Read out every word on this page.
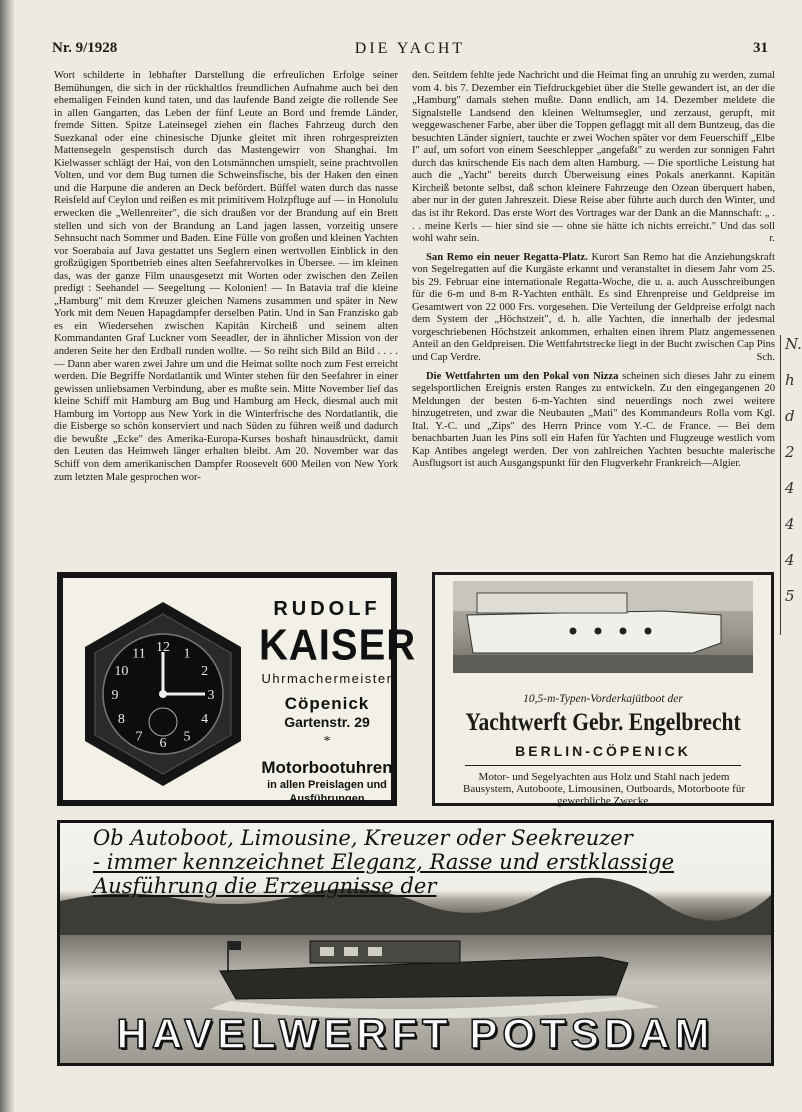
Nr. 9/1928	DIE YACHT	31

Wort schilderte in lebhafter Darstellung die erfreulichen Erfolge seiner Bemühungen, die sich in der rückhaltlos freundlichen Aufnahme auch bei den ehemaligen Feinden kund taten, und das laufende Band zeigte die rollende See in allen Gangarten, das Leben der fünf Leute an Bord und fremde Länder, fremde Sitten. Spitze Lateinsegel ziehen ein flaches Fahrzeug durch den Suezkanal oder eine chinesische Djunke gleitet mit ihren rohrgespreizten Mattensegeln gespenstisch durch das Mastengewirr von Shanghai. Im Kielwasser schlägt der Hai, von den Lotsmännchen umspielt, seine prachtvollen Volten, und vor dem Bug turnen die Schweinsfische, bis der Haken den einen und die Harpune die anderen an Deck befördert. Büffel waten durch das nasse Reisfeld auf Ceylon und reißen es mit primitivem Holzpfluge auf — in Honolulu erwecken die „Wellenreiter", die sich draußen vor der Brandung auf ein Brett stellen und sich von der Brandung an Land jagen lassen, vorzeitig unsere Sehnsucht nach Sommer und Baden. Eine Fülle von großen und kleinen Yachten vor Soerabaia auf Java gestattet uns Seglern einen wertvollen Einblick in den großzügigen Sportbetrieb eines alten Seefahrervolkes in Übersee. — im kleinen das, was der ganze Film unausgesetzt mit Worten oder zwischen den Zeilen predigt : Seehandel — Seegeltung — Kolonien! — In Batavia traf die kleine „Hamburg" mit dem Kreuzer gleichen Namens zusammen und später in New York mit dem Neuen Hapagdampfer derselben Patin. Und in San Franzisko gab es ein Wiedersehen zwischen Kapitän Kircheiß und seinem alten Kommandanten Graf Luckner vom Seeadler, der in ähnlicher Mission von der anderen Seite her den Erdball runden wollte. — So reiht sich Bild an Bild . . . . — Dann aber waren zwei Jahre um und die Heimat sollte noch zum Fest erreicht werden. Die Begriffe Nordatlantik und Winter stehen für den Seefahrer in einer gewissen unliebsamen Verbindung, aber es mußte sein. Mitte November lief das kleine Schiff mit Hamburg am Bug und Hamburg am Heck, diesmal auch mit Hamburg im Vortopp aus New York in die Winterfrische des Nordatlantik, die die Eisberge so schön konserviert und nach Süden zu führen weiß und dadurch die bewußte „Ecke" des Amerika-Europa-Kurses boshaft hinausdrückt, damit den Leuten das Heimweh länger erhalten bleibt. Am 20. November war das Schiff von dem amerikanischen Dampfer Roosevelt 600 Meilen von New York zum letzten Male gesprochen wor-

den. Seitdem fehlte jede Nachricht und die Heimat fing an unruhig zu werden, zumal vom 4. bis 7. Dezember ein Tiefdruckgebiet über die Stelle gewandert ist, an der die „Hamburg" damals stehen mußte. Dann endlich, am 14. Dezember meldete die Signalstelle Landsend den kleinen Weltumsegler, und zerzaust, gerupft, mit weggewaschener Farbe, aber über die Toppen geflaggt mit all dem Buntzeug, das die besuchten Länder signiert, tauchte er zwei Wochen später vor dem Feuerschiff „Elbe I" auf, um sofort von einem Seeschlepper „angefaßt" zu werden zur sonnigen Fahrt durch das knirschende Eis nach dem alten Hamburg. — Die sportliche Leistung hat auch die „Yacht" bereits durch Überweisung eines Pokals anerkannt. Kapitän Kircheiß betonte selbst, daß schon kleinere Fahrzeuge den Ozean überquert haben, aber nur in der guten Jahreszeit. Diese Reise aber führte auch durch den Winter, und das ist ihr Rekord. Das erste Wort des Vortrages war der Dank an die Mannschaft: „ . . . meine Kerls — hier sind sie — ohne sie hätte ich nichts erreicht." Und das soll wohl wahr sein.	r.

San Remo ein neuer Regatta-Platz. Kurort San Remo hat die Anziehungskraft von Segelregatten auf die Kurgäste erkannt und veranstaltet in diesem Jahr vom 25. bis 29. Februar eine internationale Regatta-Woche, die u. a. auch Ausschreibungen für die 6-m und 8-m R-Yachten enthält. Es sind Ehrenpreise und Geldpreise im Gesamtwert von 22 000 Frs. vorgesehen. Die Verteilung der Geldpreise erfolgt nach dem System der „Höchstzeit", d. h. alle Yachten, die innerhalb der jedesmal vorgeschriebenen Höchstzeit ankommen, erhalten einen ihrem Platz angemessenen Anteil an den Geldpreisen. Die Wettfahrtstrecke liegt in der Bucht zwischen Cap Pins und Cap Verdre.	Sch.

Die Wettfahrten um den Pokal von Nizza scheinen sich dieses Jahr zu einem segelsportlichen Ereignis ersten Ranges zu entwickeln. Zu den eingegangenen 20 Meldungen der besten 6-m-Yachten sind neuerdings noch zwei weitere hinzugetreten, und zwar die Neubauten „Mati" des Kommandeurs Rolla vom Kgl. Ital. Y.-C. und „Zips" des Herrn Prince vom Y.-C. de France. — Bei dem benachbarten Juan les Pins soll ein Hafen für Yachten und Flugzeuge westlich vom Kap Antibes angelegt werden. Der von zahlreichen Yachten besuchte malerische Ausflugsort ist auch Ausgangspunkt für den Flugverkehr Frankreich—Algier.

N.
h
d
2
4
4
4
5
12 1
2
3
4
5
6
7
8
9
10
11
RUDOLF
KAISER
Uhrmachermeister
Cöpenick
Gartenstr. 29
*
Motorbootuhren
in allen Preislagen und
Ausführungen
10,5-m-Typen-Vorderkajütboot der
Yachtwerft Gebr. Engelbrecht
BERLIN-CÖPENICK
Motor- und Segelyachten aus Holz und Stahl nach jedem Bausystem, Autoboote, Limousinen, Outboards, Motorboote für gewerbliche Zwecke.
Ob Autoboot, Limousine, Kreuzer oder Seekreuzer
- immer kennzeichnet Eleganz, Rasse und erstklassige
Ausführung die Erzeugnisse der
HAVELWERFT POTSDAM
